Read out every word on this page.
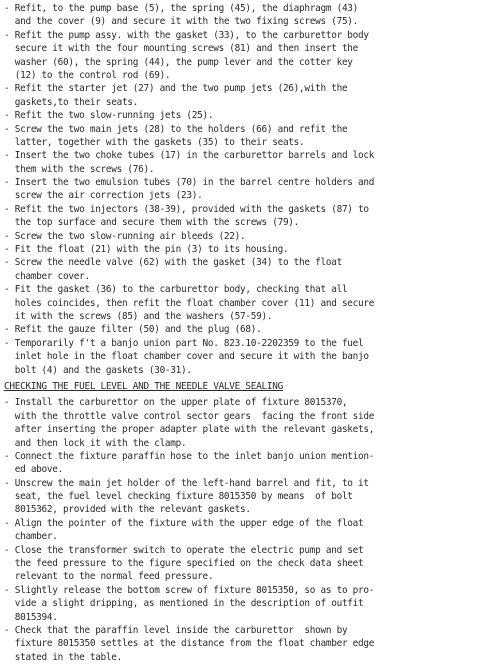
- Refit, to the pump base (5), the spring (45), the diaphragm (43)
and the cover (9) and secure it with the two fixing screws (75).
- Refit the pump assy. with the gasket (33), to the carburettor body
secure it with the four mounting screws (81) and then insert the
washer (60), the spring (44), the pump lever and the cotter key
(12) to the control rod (69).
- Refit the starter jet (27) and the two pump jets (26),with the
gaskets,to their seats.
- Refit the two slow-running jets (25).
- Screw the two main jets (28) to the holders (66) and refit the
latter, together with the gaskets (35) to their seats.
- Insert the two choke tubes (17) in the carburettor barrels and lock
them with the screws (76).
- Insert the two emulsion tubes (70) in the barrel centre holders and
screw the air correction jets (23).
- Refit the two injectors (38-39), provided with the gaskets (87) to
the top surface and secure them with the screws (79).
- Screw the two slow-running air bleeds (22).
- Fit the float (21) with the pin (3) to its housing.
- Screw the needle valve (62) with the gasket (34) to the float
chamber cover.
- Fit the gasket (36) to the carburettor body, checking that all
holes coincides, then refit the float chamber cover (11) and secure
it with the screws (85) and the washers (57-59).
- Refit the gauze filter (50) and the plug (68).
- Temporarily f't a banjo union part No. 823.10-2202359 to the fuel
inlet hole in the float chamber cover and secure it with the banjo
bolt (4) and the gaskets (30-31).
CHECKING THE FUEL LEVEL AND THE NEEDLE VALVE SEALING
- Install the carburettor on the upper plate of fixture 8015370,
with the throttle valve control sector gears  facing the front side
after inserting the proper adapter plate with the relevant gaskets,
and then lock it with the clamp.
- Connect the fixture paraffin hose to the inlet banjo union mention-
ed above.
- Unscrew the main jet holder of the left-hand barrel and fit, to it
seat, the fuel level checking fixture 8015350 by means  of bolt
8015362, provided with the relevant gaskets.
- Align the pointer of the fixture with the upper edge of the float
chamber.
- Close the transformer switch to operate the electric pump and set
the feed pressure to the figure specified on the check data sheet
relevant to the normal feed pressure.
- Slightly release the bottom screw of fixture 8015350, so as to pro-
vide a slight dripping, as mentioned in the description of outfit
8015394.
- Check that the paraffin level inside the carburettor  shown by
fixture 8015350 settles at the distance from the float chamber edge
stated in the table.
